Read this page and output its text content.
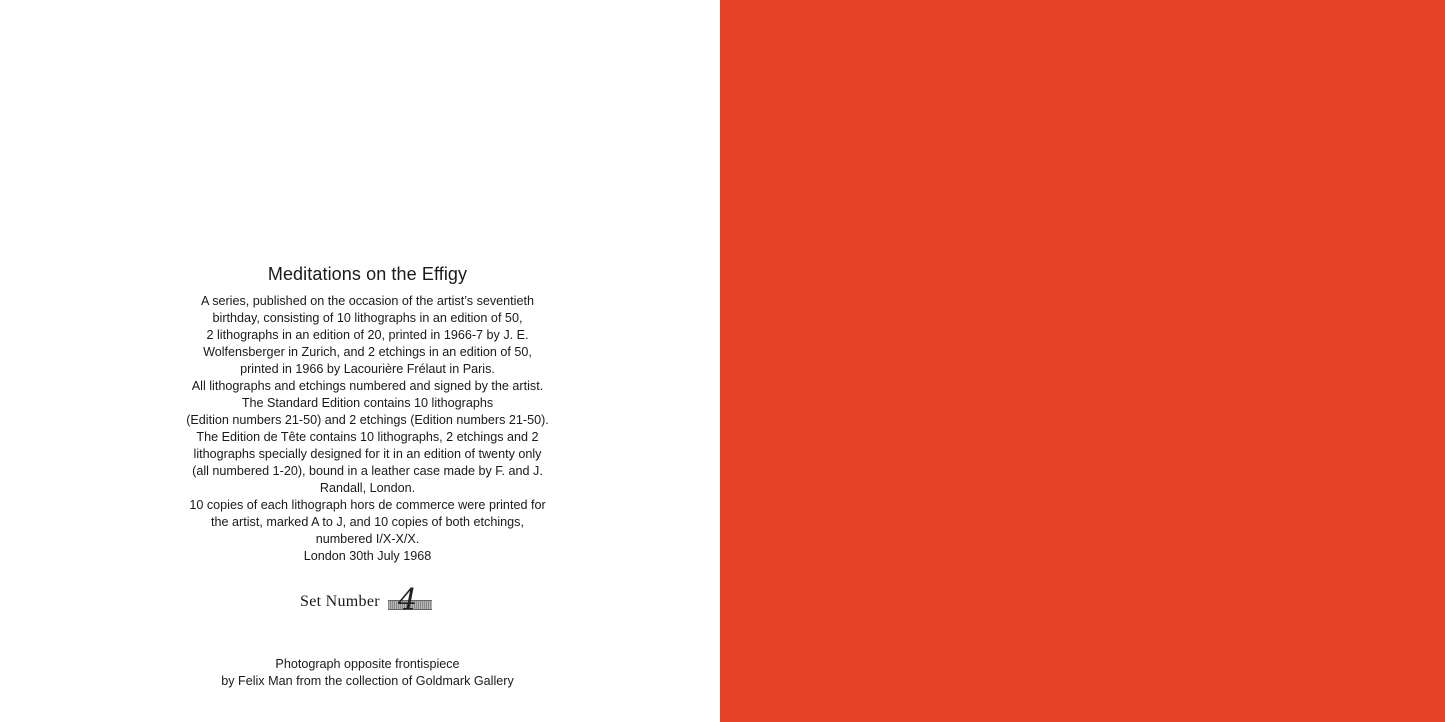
Meditations on the Effigy
A series, published on the occasion of the artist’s seventieth
birthday, consisting of 10 lithographs in an edition of 50,
2 lithographs in an edition of 20, printed in 1966-7 by J. E.
Wolfensberger in Zurich, and 2 etchings in an edition of 50,
printed in 1966 by Lacourière Frélaut in Paris.
All lithographs and etchings numbered and signed by the artist.
The Standard Edition contains 10 lithographs
(Edition numbers 21-50) and 2 etchings (Edition numbers 21-50).
The Edition de Tête contains 10 lithographs, 2 etchings and 2
lithographs specially designed for it in an edition of twenty only
(all numbered 1-20), bound in a leather case made by F. and J.
Randall, London.
10 copies of each lithograph hors de commerce were printed for
the artist, marked A to J, and 10 copies of both etchings,
numbered I/X-X/X.
London 30th July 1968
Set Number 4
Photograph opposite frontispiece
by Felix Man from the collection of Goldmark Gallery
